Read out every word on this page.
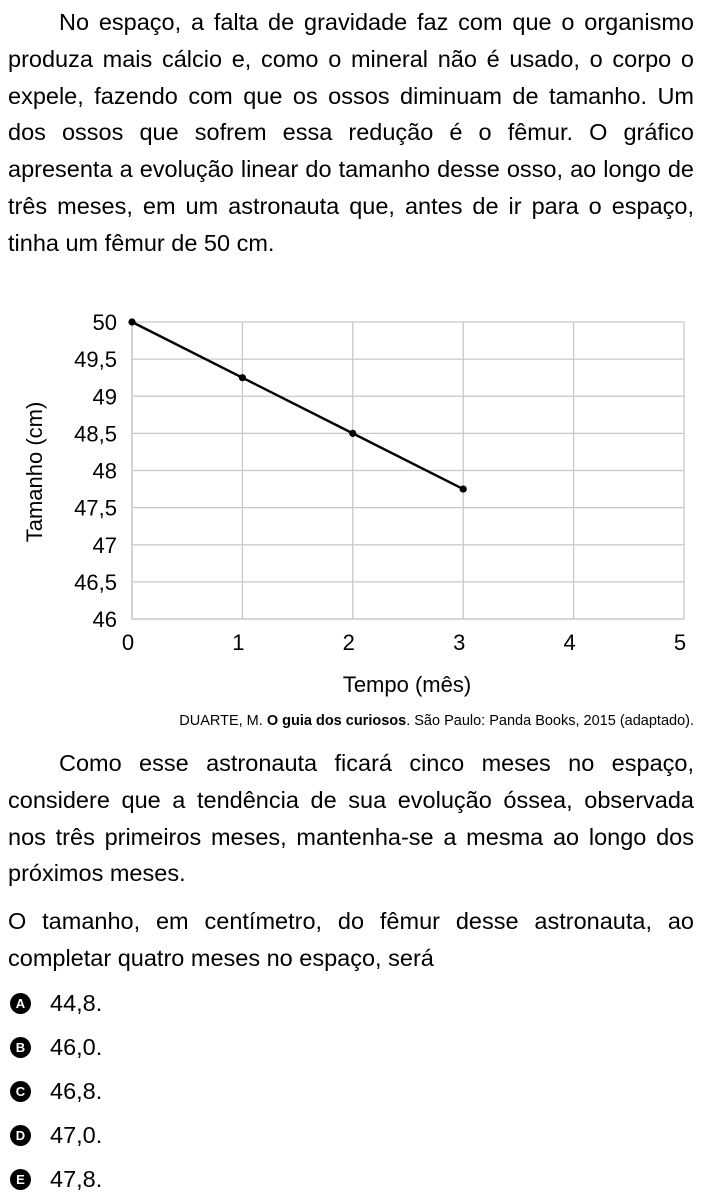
No espaço, a falta de gravidade faz com que o organismo produza mais cálcio e, como o mineral não é usado, o corpo o expele, fazendo com que os ossos diminuam de tamanho. Um dos ossos que sofrem essa redução é o fêmur. O gráfico apresenta a evolução linear do tamanho desse osso, ao longo de três meses, em um astronauta que, antes de ir para o espaço, tinha um fêmur de 50 cm.

46
46,5
47
47,5
48
48,5
49
49,5
50
0	1	2	3	4	5
Tamanho (cm)
Tempo (mês)
DUARTE, M. O guia dos curiosos. São Paulo: Panda Books, 2015 (adaptado).

Como esse astronauta ficará cinco meses no espaço, considere que a tendência de sua evolução óssea, observada nos três primeiros meses, mantenha-se a mesma ao longo dos próximos meses.

O tamanho, em centímetro, do fêmur desse astronauta, ao completar quatro meses no espaço, será

A 44,8.
B 46,0.
C 46,8.
D 47,0.
E 47,8.
